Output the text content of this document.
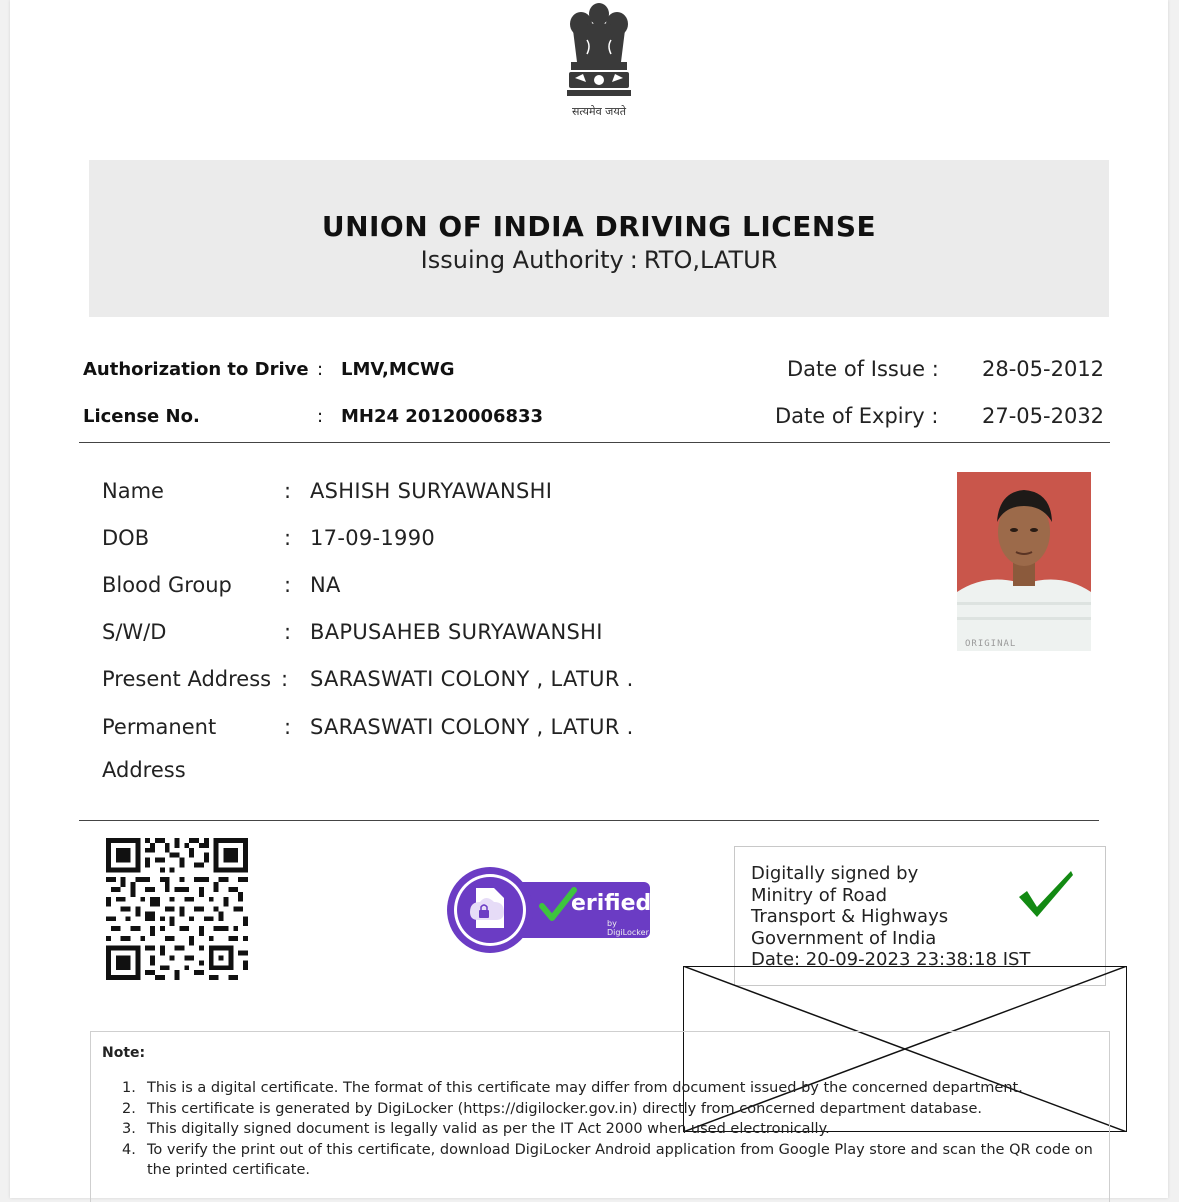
सत्यमेव जयते
UNION OF INDIA DRIVING LICENSE
Issuing Authority : RTO,LATUR
Authorization to Drive : LMV,MCWG	Date of Issue : 28-05-2012
License No.	: MH24 20120006833	Date of Expiry : 27-05-2032
Name	: ASHISH SURYAWANSHI
DOB	: 17-09-1990
Blood Group : NA
S/W/D	: BAPUSAHEB SURYAWANSHI
Present Address : SARASWATI COLONY , LATUR .
Permanent
Address
: SARASWATI COLONY , LATUR .
ORIGINAL
erified
by DigiLocker
Digitally signed by
Minitry of Road
Transport & Highways
Government of India
Date: 20-09-2023 23:38:18 IST
Note:
1. This is a digital certificate. The format of this certificate may differ from document issued by the concerned department.
2. This certificate is generated by DigiLocker (https://digilocker.gov.in) directly from concerned department database.
3. This digitally signed document is legally valid as per the IT Act 2000 when used electronically.
4. To verify the print out of this certificate, download DigiLocker Android application from Google Play store and scan the QR code on the printed certificate.
